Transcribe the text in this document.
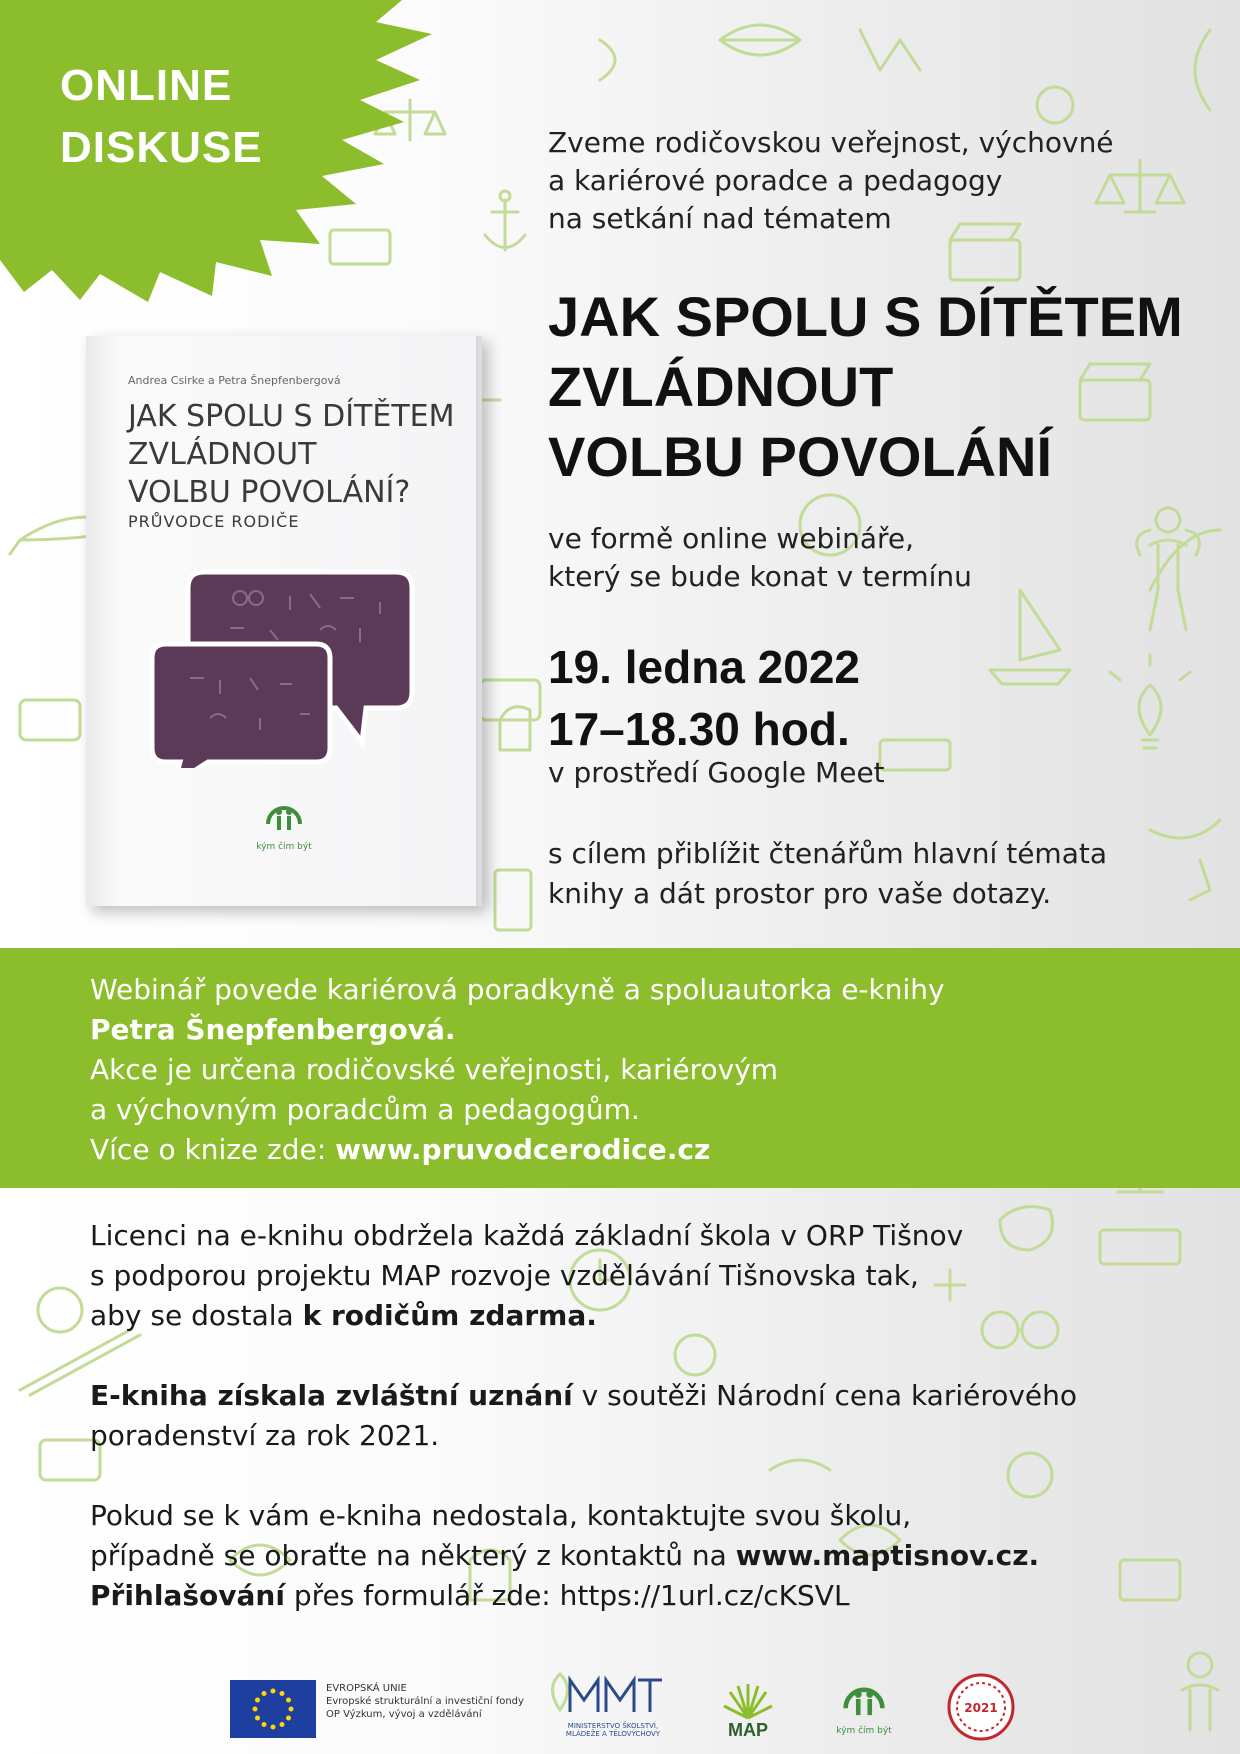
ONLINE
DISKUSE	Zveme rodičovskou veřejnost, výchovné
a kariérové poradce a pedagogy
na setkání nad tématem
JAK SPOLU S DÍTĚTEM
ZVLÁDNOUT
VOLBU POVOLÁNÍ
ve formě online webináře,
který se bude konat v termínu
19. ledna 2022
17–18.30 hod.
v prostředí Google Meet
s cílem přiblížit čtenářům hlavní témata
knihy a dát prostor pro vaše dotazy.
Andrea Csirke a Petra Šnepfenbergová
JAK SPOLU S DÍTĚTEM
ZVLÁDNOUT
VOLBU POVOLÁNÍ?
PRŮVODCE RODIČE
kým čím být
Webinář povede kariérová poradkyně a spoluautorka e-knihy
Petra Šnepfenbergová.
Akce je určena rodičovské veřejnosti, kariérovým
a výchovným poradcům a pedagogům.
Více o knize zde: www.pruvodcerodice.cz
Licenci na e-knihu obdržela každá základní škola v ORP Tišnov
s podporou projektu MAP rozvoje vzdělávání Tišnovska tak,
aby se dostala k rodičům zdarma.
E-kniha získala zvláštní uznání v soutěži Národní cena kariérového
poradenství za rok 2021.
Pokud se k vám e-kniha nedostala, kontaktujte svou školu,
případně se obraťte na některý z kontaktů na www.maptisnov.cz.
Přihlašování přes formulář zde: https://1url.cz/cKSVL
EVROPSKÁ UNIE
Evropské strukturální a investiční fondy
OP Výzkum, vývoj a vzdělávání
MINISTERSTVO ŠKOLSTVÍ, MLÁDEŽE A TĚLOVÝCHOVY	MAP	kým čím být
2021
